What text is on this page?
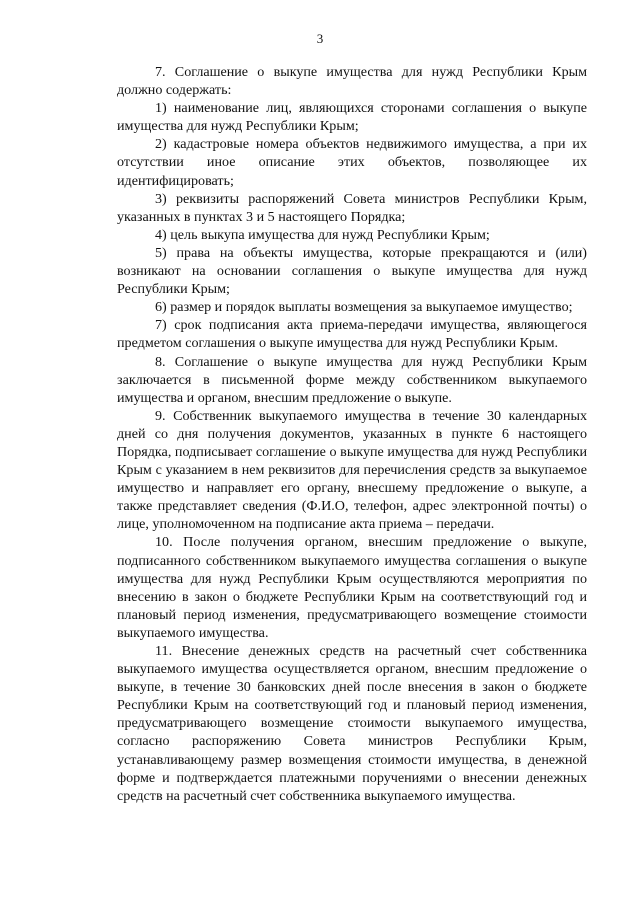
3

7. Соглашение о выкупе имущества для нужд Республики Крым должно содержать:

1) наименование лиц, являющихся сторонами соглашения о выкупе имущества для нужд Республики Крым;

2) кадастровые номера объектов недвижимого имущества, а при их отсутствии иное описание этих объектов, позволяющее их идентифицировать;

3) реквизиты распоряжений Совета министров Республики Крым, указанных в пунктах 3 и 5 настоящего Порядка;

4) цель выкупа имущества для нужд Республики Крым;

5) права на объекты имущества, которые прекращаются и (или) возникают на основании соглашения о выкупе имущества для нужд Республики Крым;

6) размер и порядок выплаты возмещения за выкупаемое имущество;

7) срок подписания акта приема-передачи имущества, являющегося предметом соглашения о выкупе имущества для нужд Республики Крым.

8. Соглашение о выкупе имущества для нужд Республики Крым заключается в письменной форме между собственником выкупаемого имущества и органом, внесшим предложение о выкупе.

9. Собственник выкупаемого имущества в течение 30 календарных дней со дня получения документов, указанных в пункте 6 настоящего Порядка, подписывает соглашение о выкупе имущества для нужд Республики Крым с указанием в нем реквизитов для перечисления средств за выкупаемое имущество и направляет его органу, внесшему предложение о выкупе, а также представляет сведения (Ф.И.О, телефон, адрес электронной почты) о лице, уполномоченном на подписание акта приема – передачи.

10. После получения органом, внесшим предложение о выкупе, подписанного собственником выкупаемого имущества соглашения о выкупе имущества для нужд Республики Крым осуществляются мероприятия по внесению в закон о бюджете Республики Крым на соответствующий год и плановый период изменения, предусматривающего возмещение стоимости выкупаемого имущества.

11. Внесение денежных средств на расчетный счет собственника выкупаемого имущества осуществляется органом, внесшим предложение о выкупе, в течение 30 банковских дней после внесения в закон о бюджете Республики Крым на соответствующий год и плановый период изменения, предусматривающего возмещение стоимости выкупаемого имущества, согласно распоряжению Совета министров Республики Крым, устанавливающему размер возмещения стоимости имущества, в денежной форме и подтверждается платежными поручениями о внесении денежных средств на расчетный счет собственника выкупаемого имущества.
